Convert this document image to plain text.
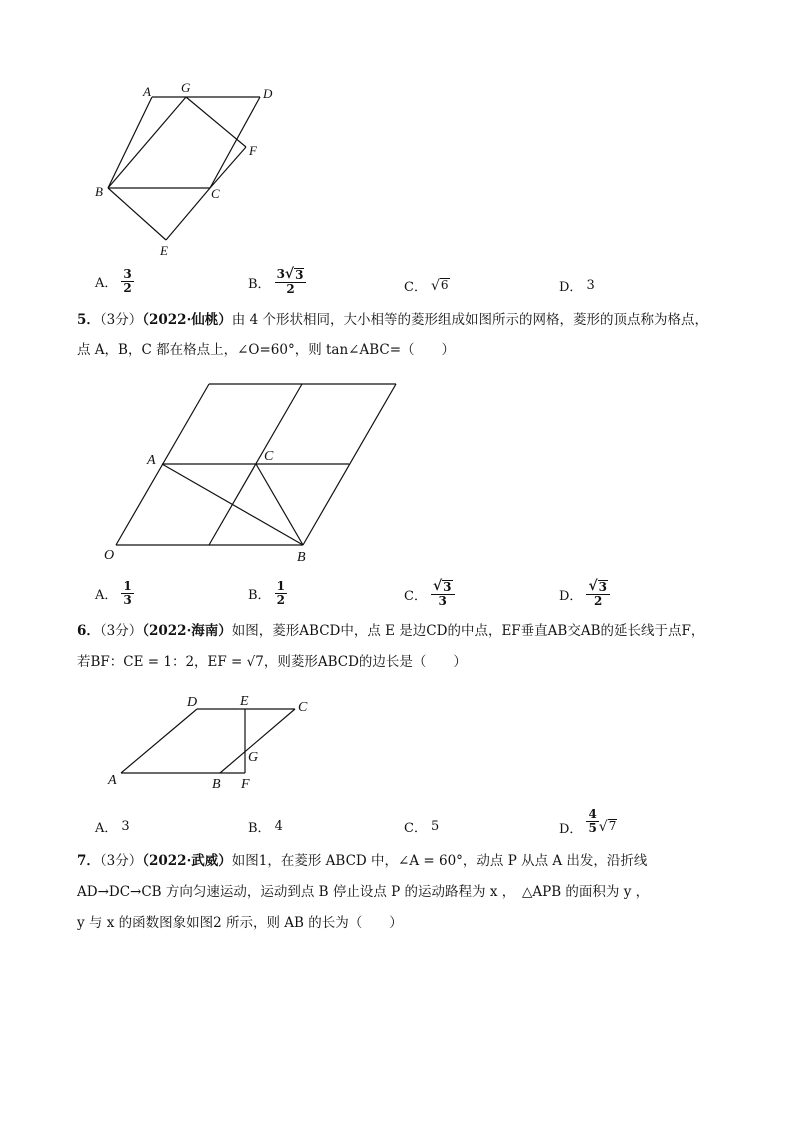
A G	D
F
B	C
E
A． $\frac{3}{2}$	B． $\frac{3 √ 3}{2}$	C． √ 6	D． 3
5．（3分）（2022·仙桃）由 4 个形状相同，大小相等的菱形组成如图所示的网格，菱形的顶点称为格点，
点 A，B，C 都在格点上，∠O=60°，则 tan∠ABC=（　　）
A	C
O	B
A． $\frac{1}{3}$	B． $\frac{1}{2}$	C． $\frac{√ 3}{3}$	D． $\frac{√ 3}{2}$
6．（3分）（2022·海南）如图，菱形ABCD中，点 E 是边CD的中点，EF垂直AB交AB的延长线于点F，
若BF：CE = 1：2，EF = √7，则菱形ABCD的边长是（　　）
D	E	C
G
A	B F
A． 3	B． 4	C． 5	D． $\frac{4}{5}$ √ 7
7．（3分）（2022·武威）如图1，在菱形 ABCD 中，∠A = 60°，动点 P 从点 A 出发，沿折线
AD→DC→CB 方向匀速运动，运动到点 B 停止设点 P 的运动路程为 x ，　△APB 的面积为 y ，
y 与 x 的函数图象如图2 所示，则 AB 的长为（　　）
